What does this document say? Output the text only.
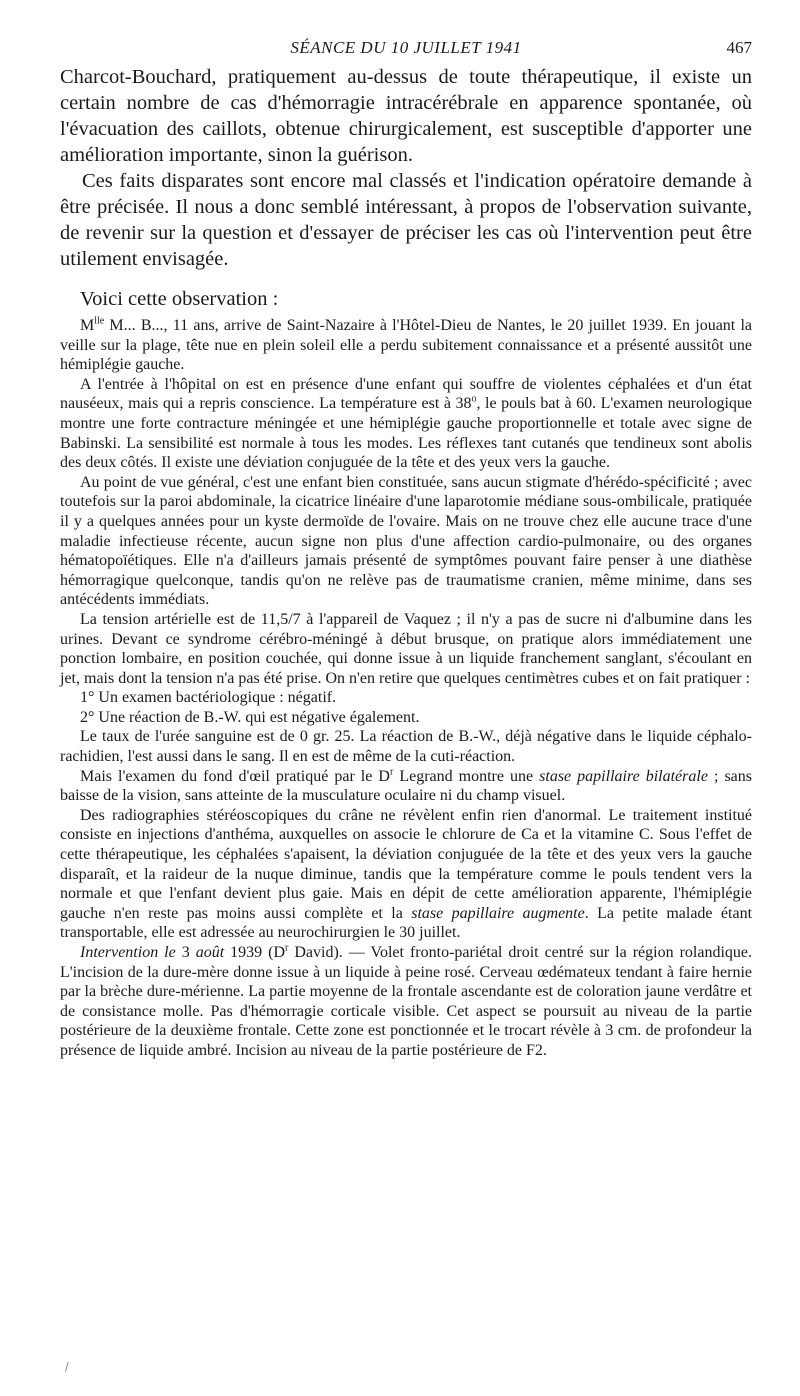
SÉANCE DU 10 JUILLET 1941	467

Charcot-Bouchard, pratiquement au-dessus de toute thérapeutique, il existe un certain nombre de cas d'hémorragie intracérébrale en apparence spontanée, où l'évacuation des caillots, obtenue chirurgicalement, est susceptible d'apporter une amélioration importante, sinon la guérison.

Ces faits disparates sont encore mal classés et l'indication opératoire demande à être précisée. Il nous a donc semblé intéressant, à propos de l'observation suivante, de revenir sur la question et d'essayer de préciser les cas où l'intervention peut être utilement envisagée.

Voici cette observation :

$M^{lle}$ M... B..., 11 ans, arrive de Saint-Nazaire à l'Hôtel-Dieu de Nantes, le 20 juillet 1939. En jouant la veille sur la plage, tête nue en plein soleil elle a perdu subitement connaissance et a présenté aussitôt une hémiplégie gauche.

A l'entrée à l'hôpital on est en présence d'une enfant qui souffre de violentes céphalées et d'un état nauséeux, mais qui a repris conscience. La température est à 38$^o$, le pouls bat à 60. L'examen neurologique montre une forte contracture méningée et une hémiplégie gauche proportionnelle et totale avec signe de Babinski. La sensibilité est normale à tous les modes. Les réflexes tant cutanés que tendineux sont abolis des deux côtés. Il existe une déviation conjuguée de la tête et des yeux vers la gauche.

Au point de vue général, c'est une enfant bien constituée, sans aucun stigmate d'hérédo-spécificité ; avec toutefois sur la paroi abdominale, la cicatrice linéaire d'une laparotomie médiane sous-ombilicale, pratiquée il y a quelques années pour un kyste dermoïde de l'ovaire. Mais on ne trouve chez elle aucune trace d'une maladie infectieuse récente, aucun signe non plus d'une affection cardio-pulmonaire, ou des organes hématopoïétiques. Elle n'a d'ailleurs jamais présenté de symptômes pouvant faire penser à une diathèse hémorragique quelconque, tandis qu'on ne relève pas de traumatisme cranien, même minime, dans ses antécédents immédiats.

La tension artérielle est de 11,5/7 à l'appareil de Vaquez ; il n'y a pas de sucre ni d'albumine dans les urines. Devant ce syndrome cérébro-méningé à début brusque, on pratique alors immédiatement une ponction lombaire, en position couchée, qui donne issue à un liquide franchement sanglant, s'écoulant en jet, mais dont la tension n'a pas été prise. On n'en retire que quelques centimètres cubes et on fait pratiquer :

1° Un examen bactériologique : négatif.

2° Une réaction de B.-W. qui est négative également.

Le taux de l'urée sanguine est de 0 gr. 25. La réaction de B.-W., déjà négative dans le liquide céphalo-rachidien, l'est aussi dans le sang. Il en est de même de la cuti-réaction.

Mais l'examen du fond d'œil pratiqué par le $D^r$ Legrand montre une stase papillaire bilatérale ; sans baisse de la vision, sans atteinte de la musculature oculaire ni du champ visuel.

Des radiographies stéréoscopiques du crâne ne révèlent enfin rien d'anormal. Le traitement institué consiste en injections d'anthéma, auxquelles on associe le chlorure de Ca et la vitamine C. Sous l'effet de cette thérapeutique, les céphalées s'apaisent, la déviation conjuguée de la tête et des yeux vers la gauche disparaît, et la raideur de la nuque diminue, tandis que la température comme le pouls tendent vers la normale et que l'enfant devient plus gaie. Mais en dépit de cette amélioration apparente, l'hémiplégie gauche n'en reste pas moins aussi complète et la stase papillaire augmente. La petite malade étant transportable, elle est adressée au neurochirurgien le 30 juillet.

Intervention le 3 août 1939 ($D^r$ David). — Volet fronto-pariétal droit centré sur la région rolandique. L'incision de la dure-mère donne issue à un liquide à peine rosé. Cerveau œdémateux tendant à faire hernie par la brèche dure-mérienne. La partie moyenne de la frontale ascendante est de coloration jaune verdâtre et de consistance molle. Pas d'hémorragie corticale visible. Cet aspect se poursuit au niveau de la partie postérieure de la deuxième frontale. Cette zone est ponctionnée et le trocart révèle à 3 cm. de profondeur la présence de liquide ambré. Incision au niveau de la partie postérieure de F2.

\
